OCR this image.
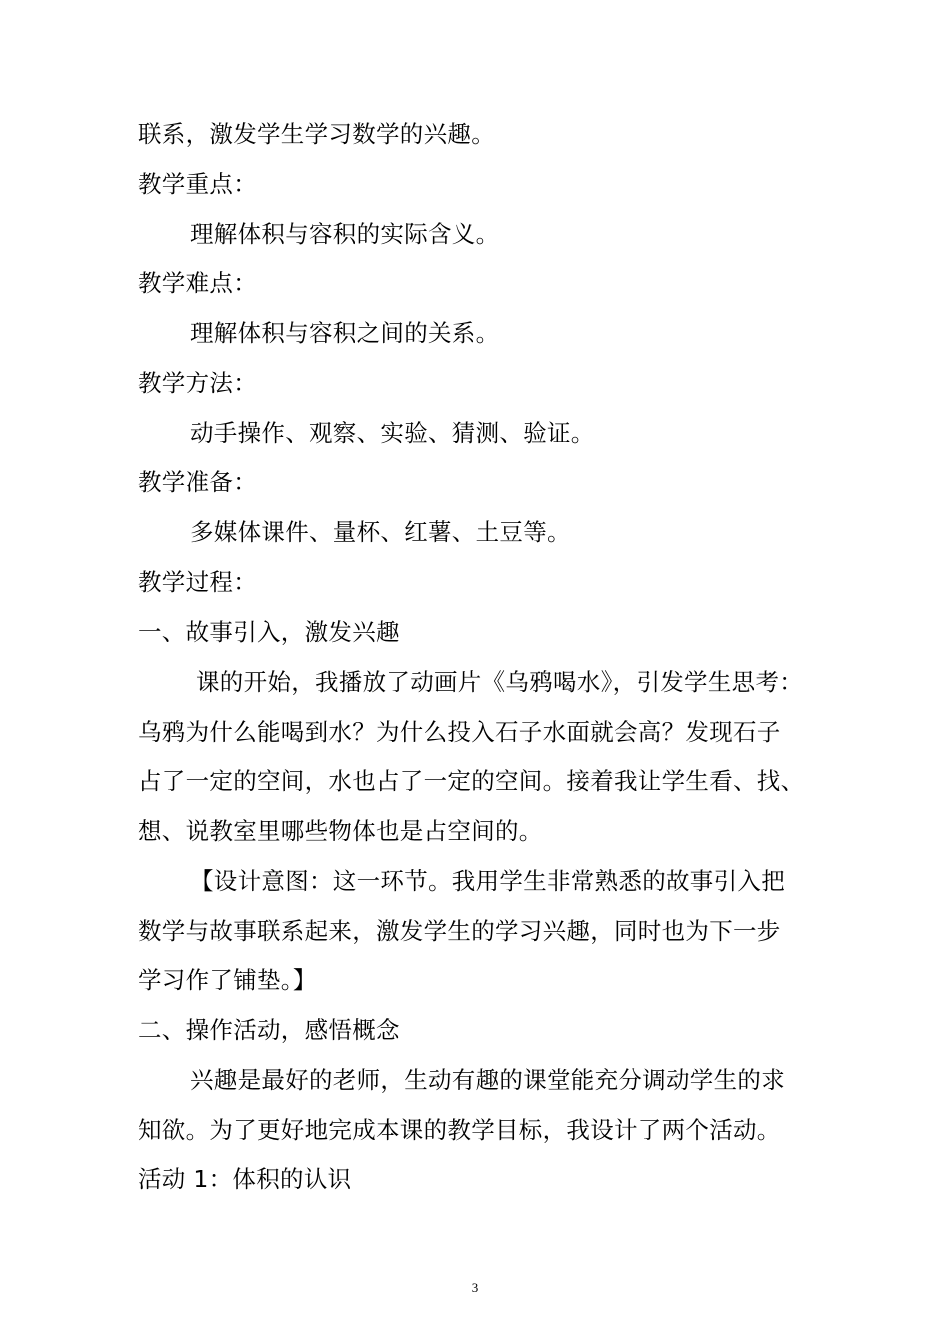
联系，激发学生学习数学的兴趣。

教学重点：

理解体积与容积的实际含义。

教学难点：

理解体积与容积之间的关系。

教学方法：

动手操作、观察、实验、猜测、验证。

教学准备：

多媒体课件、量杯、红薯、土豆等。

教学过程：

一、故事引入，激发兴趣

课的开始，我播放了动画片《乌鸦喝水》，引发学生思考：

乌鸦为什么能喝到水？为什么投入石子水面就会高？发现石子

占了一定的空间，水也占了一定的空间。接着我让学生看、找、

想、说教室里哪些物体也是占空间的。

【设计意图：这一环节。我用学生非常熟悉的故事引入把

数学与故事联系起来，激发学生的学习兴趣，同时也为下一步

学习作了铺垫。】

二、操作活动，感悟概念

兴趣是最好的老师，生动有趣的课堂能充分调动学生的求

知欲。为了更好地完成本课的教学目标，我设计了两个活动。

活动 1：体积的认识

3
